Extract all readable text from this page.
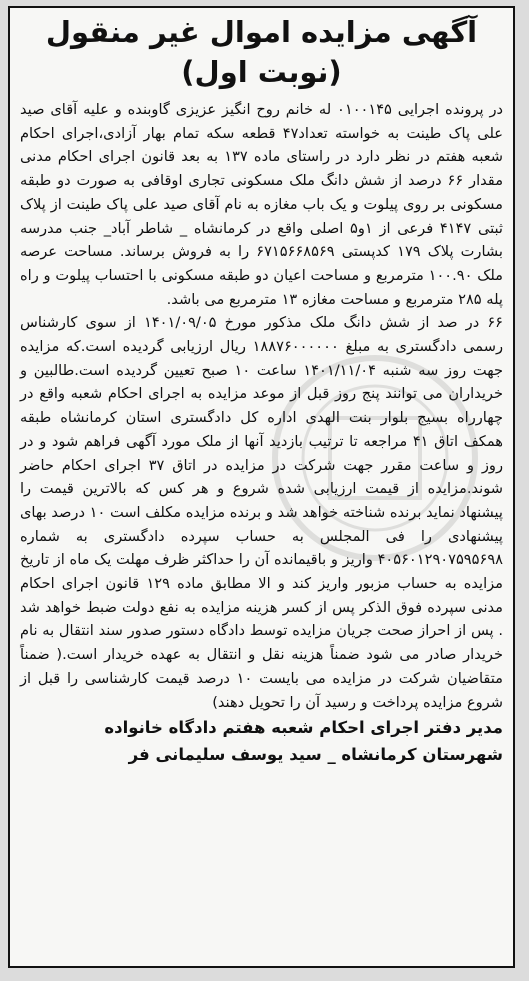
آگهی مزایده اموال غیر منقول (نوبت اول)

در پرونده اجرایی ۰۱۰۰۱۴۵ له خانم روح انگیز عزیزی گاوبنده و علیه آقای صید علی پاک طینت به خواسته تعداد۴۷ قطعه سکه تمام بهار آزادی،اجرای احکام شعبه هفتم در نظر دارد در راستای ماده ۱۳۷ به بعد قانون اجرای احکام مدنی مقدار ۶۶ درصد از شش دانگ ملک مسکونی تجاری اوقافی به صورت دو طبقه مسکونی بر روی پیلوت و یک باب مغازه به نام آقای صید علی پاک طینت از پلاک ثبتی ۴۱۴۷ فرعی از ۱و۵ اصلی واقع در کرمانشاه _ شاطر آباد_ جنب مدرسه بشارت پلاک ۱۷۹ کدپستی ۶۷۱۵۶۶۸۵۶۹ را به فروش برساند. مساحت عرصه ملک ۱۰۰.۹۰ مترمربع و مساحت اعیان دو طبقه مسکونی با احتساب پیلوت و راه پله ۲۸۵ مترمربع و مساحت مغازه ۱۳ مترمربع می باشد.

۶۶ در صد از شش دانگ ملک مذکور مورخ ۱۴۰۱/۰۹/۰۵ از سوی کارشناس رسمی دادگستری به مبلغ ۱۸۸۷۶۰۰۰۰۰۰ ریال ارزیابی گردیده است.که مزایده جهت روز سه شنبه ۱۴۰۱/۱۱/۰۴ ساعت ۱۰ صبح تعیین گردیده است.طالبین و خریداران می توانند پنج روز قبل از موعد مزایده به اجرای احکام شعبه واقع در چهارراه بسیج بلوار بنت الهدی اداره کل دادگستری استان کرمانشاه طبقه همکف اتاق ۴۱ مراجعه تا ترتیب بازدید آنها از ملک مورد آگهی فراهم شود و در روز و ساعت مقرر جهت شرکت در مزایده در اتاق ۳۷ اجرای احکام حاضر شوند.مزایده از قیمت ارزیابی شده شروع و هر کس که بالاترین قیمت را پیشنهاد نماید برنده شناخته خواهد شد و برنده مزایده مکلف است ۱۰ درصد بهای پیشنهادی را فی المجلس به حساب سپرده دادگستری به شماره ۴۰۵۶۰۱۲۹۰۷۵۹۵۶۹۸ واریز و باقیمانده آن را حداکثر ظرف مهلت یک ماه از تاریخ مزایده به حساب مزبور واریز کند و الا مطابق ماده ۱۲۹ قانون اجرای احکام مدنی سپرده فوق الذکر پس از کسر هزینه مزایده به نفع دولت ضبط خواهد شد . پس از احراز صحت جریان مزایده توسط دادگاه دستور صدور سند انتقال به نام خریدار صادر می شود ضمناً هزینه نقل و انتقال به عهده خریدار است.( ضمناً متقاضیان شرکت در مزایده می بایست ۱۰ درصد قیمت کارشناسی را قبل از شروع مزایده پرداخت و رسید آن را تحویل دهند)

مدیر دفتر اجرای احکام شعبه هفتم دادگاه خانواده

شهرستان کرمانشاه _ سید یوسف سلیمانی فر
